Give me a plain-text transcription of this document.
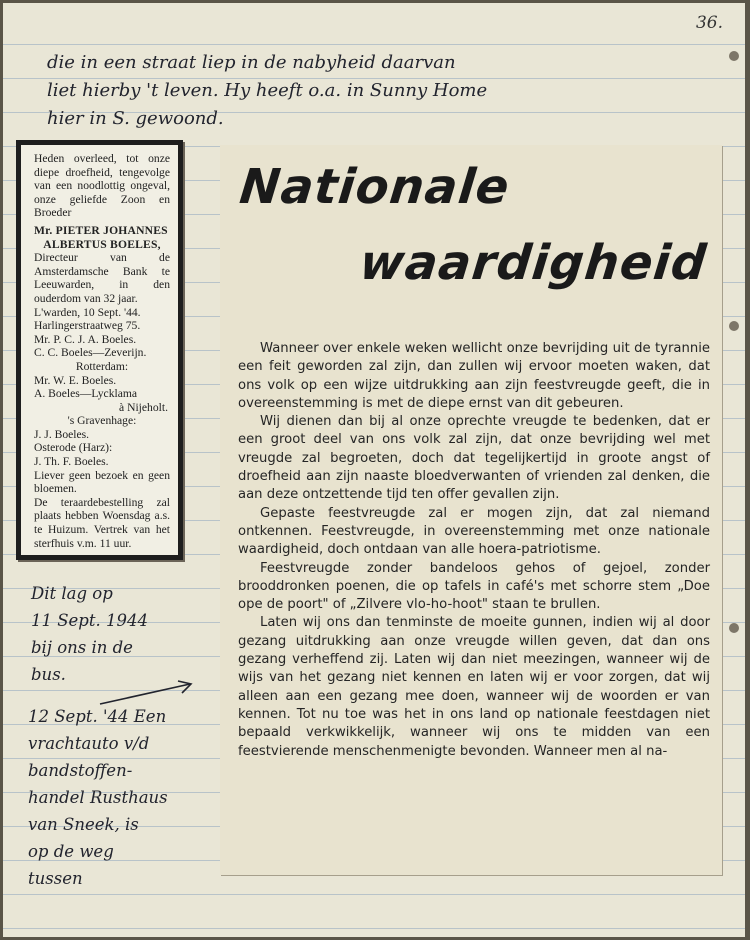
36.
die in een straat liep in de nabyheid daarvan
liet hierby 't leven. Hy heeft o.a. in Sunny Home
hier in S. gewoond.
Heden overleed, tot onze diepe droefheid, tengevolge van een noodlottig ongeval, onze geliefde Zoon en Broeder
Mr. PIETER JOHANNES
ALBERTUS BOELES,
Directeur van de Amsterdamsche Bank te Leeuwarden, in den ouderdom van 32 jaar.
L'warden, 10 Sept. '44.
Harlingerstraatweg 75.
Mr. P. C. J. A. Boeles.
C. C. Boeles—Zeverijn.
Rotterdam:
Mr. W. E. Boeles.
A. Boeles—Lycklama
à Nijeholt.
's Gravenhage:
J. J. Boeles.
Osterode (Harz):
J. Th. F. Boeles.
Liever geen bezoek en geen bloemen.
De teraardebestelling zal plaats hebben Woensdag a.s. te Huizum. Vertrek van het sterfhuis v.m. 11 uur.
Nationale
waardigheid

Wanneer over enkele weken wellicht onze bevrijding uit de tyrannie een feit geworden zal zijn, dan zullen wij ervoor moeten waken, dat ons volk op een wijze uitdrukking aan zijn feestvreugde geeft, die in overeenstemming is met de diepe ernst van dit gebeuren.

Wij dienen dan bij al onze oprechte vreugde te bedenken, dat er een groot deel van ons volk zal zijn, dat onze bevrijding wel met vreugde zal begroeten, doch dat tegelijkertijd in groote angst of droefheid aan zijn naaste bloedverwanten of vrienden zal denken, die aan deze ontzettende tijd ten offer gevallen zijn.

Gepaste feestvreugde zal er mogen zijn, dat zal niemand ontkennen. Feestvreugde, in overeenstemming met onze nationale waardigheid, doch ontdaan van alle hoera-patriotisme.

Feestvreugde zonder bandeloos gehos of gejoel, zonder brooddronken poenen, die op tafels in café's met schorre stem „Doe ope de poort" of „Zilvere vlo-ho-hoot" staan te brullen.

Laten wij ons dan tenminste de moeite gunnen, indien wij al door gezang uitdrukking aan onze vreugde willen geven, dat dan ons gezang verheffend zij. Laten wij dan niet meezingen, wanneer wij de wijs van het gezang niet kennen en laten wij er voor zorgen, dat wij alleen aan een gezang mee doen, wanneer wij de woorden er van kennen. Tot nu toe was het in ons land op nationale feestdagen niet bepaald verkwikkelijk, wanneer wij ons te midden van een feestvierende menschenmenigte bevonden. Wanneer men al na-

Dit lag op
11 Sept. 1944
bij ons in de
bus.
12 Sept. '44 Een
vrachtauto v/d
bandstoffen-
handel Rusthaus
van Sneek, is
op de weg
tussen
